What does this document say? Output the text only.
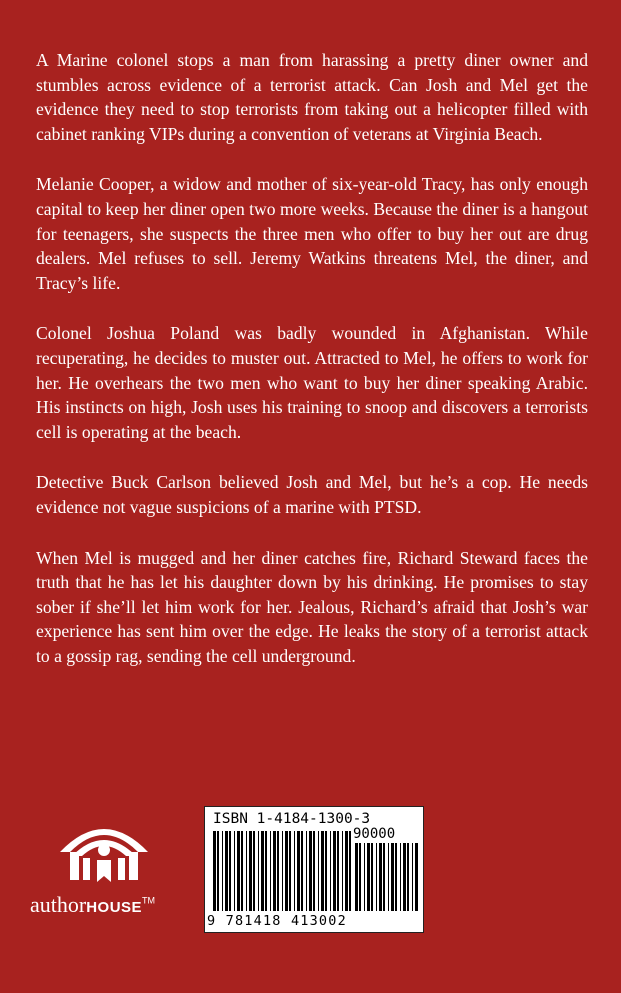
A Marine colonel stops a man from harassing a pretty diner owner and stumbles across evidence of a terrorist attack. Can Josh and Mel get the evidence they need to stop terrorists from taking out a helicopter filled with cabinet ranking VIPs during a convention of veterans at Virginia Beach.

Melanie Cooper, a widow and mother of six-year-old Tracy, has only enough capital to keep her diner open two more weeks. Because the diner is a hangout for teenagers, she suspects the three men who offer to buy her out are drug dealers. Mel refuses to sell. Jeremy Watkins threatens Mel, the diner, and Tracy’s life.

Colonel Joshua Poland was badly wounded in Afghanistan. While recuperating, he decides to muster out. Attracted to Mel, he offers to work for her. He overhears the two men who want to buy her diner speaking Arabic. His instincts on high, Josh uses his training to snoop and discovers a terrorists cell is operating at the beach.

Detective Buck Carlson believed Josh and Mel, but he’s a cop. He needs evidence not vague suspicions of a marine with PTSD.

When Mel is mugged and her diner catches fire, Richard Steward faces the truth that he has let his daughter down by his drinking. He promises to stay sober if she’ll let him work for her. Jealous, Richard’s afraid that Josh’s war experience has sent him over the edge. He leaks the story of a terrorist attack to a gossip rag, sending the cell underground.

authorHOUSE™
ISBN 1-4184-1300-3
90000
9 781418 413002
